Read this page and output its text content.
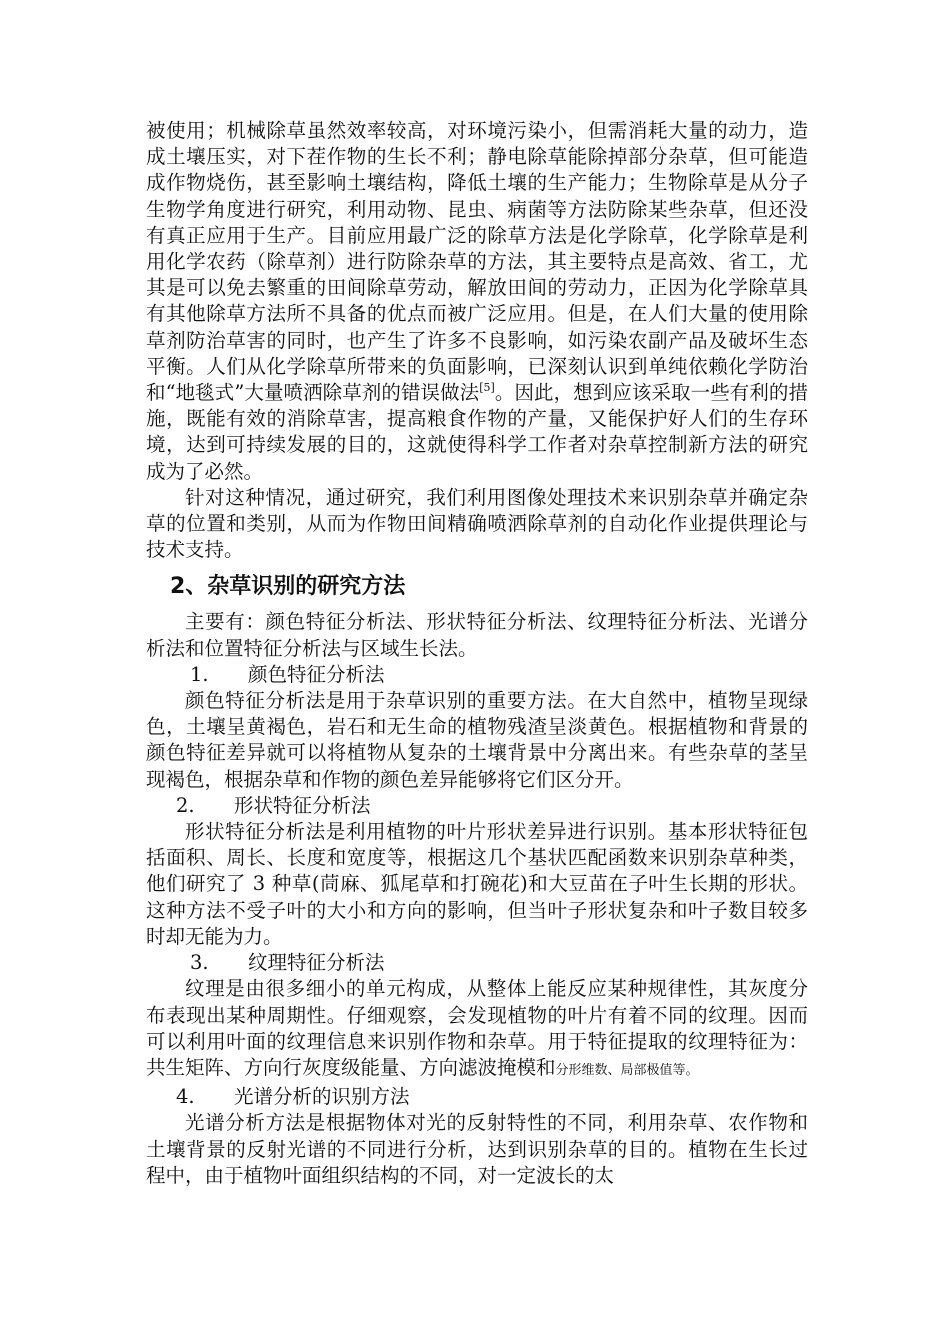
被使用；机械除草虽然效率较高，对环境污染小，但需消耗大量的动力，造成土壤压实，对下茬作物的生长不利；静电除草能除掉部分杂草，但可能造成作物烧伤，甚至影响土壤结构，降低土壤的生产能力；生物除草是从分子生物学角度进行研究，利用动物、昆虫、病菌等方法防除某些杂草，但还没有真正应用于生产。目前应用最广泛的除草方法是化学除草，化学除草是利用化学农药（除草剂）进行防除杂草的方法，其主要特点是高效、省工，尤其是可以免去繁重的田间除草劳动，解放田间的劳动力，正因为化学除草具有其他除草方法所不具备的优点而被广泛应用。但是，在人们大量的使用除草剂防治草害的同时，也产生了许多不良影响，如污染农副产品及破坏生态平衡。人们从化学除草所带来的负面影响，已深刻认识到单纯依赖化学防治和“地毯式”大量喷洒除草剂的错误做法[5]。因此，想到应该采取一些有利的措施，既能有效的消除草害，提高粮食作物的产量，又能保护好人们的生存环境，达到可持续发展的目的，这就使得科学工作者对杂草控制新方法的研究成为了必然。

针对这种情况，通过研究，我们利用图像处理技术来识别杂草并确定杂草的位置和类别，从而为作物田间精确喷洒除草剂的自动化作业提供理论与技术支持。

2、杂草识别的研究方法

主要有：颜色特征分析法、形状特征分析法、纹理特征分析法、光谱分析法和位置特征分析法与区域生长法。

1. 颜色特征分析法

颜色特征分析法是用于杂草识别的重要方法。在大自然中，植物呈现绿色，土壤呈黄褐色，岩石和无生命的植物残渣呈淡黄色。根据植物和背景的颜色特征差异就可以将植物从复杂的土壤背景中分离出来。有些杂草的茎呈现褐色，根据杂草和作物的颜色差异能够将它们区分开。

2. 形状特征分析法

形状特征分析法是利用植物的叶片形状差异进行识别。基本形状特征包括面积、周长、长度和宽度等，根据这几个基状匹配函数来识别杂草种类，他们研究了 3 种草(茼麻、狐尾草和打碗花)和大豆苗在子叶生长期的形状。这种方法不受子叶的大小和方向的影响，但当叶子形状复杂和叶子数目较多时却无能为力。

3. 纹理特征分析法

纹理是由很多细小的单元构成，从整体上能反应某种规律性，其灰度分布表现出某种周期性。仔细观察，会发现植物的叶片有着不同的纹理。因而可以利用叶面的纹理信息来识别作物和杂草。用于特征提取的纹理特征为：共生矩阵、方向行灰度级能量、方向滤波掩模和分形维数、局部极值等。

4. 光谱分析的识别方法

光谱分析方法是根据物体对光的反射特性的不同，利用杂草、农作物和土壤背景的反射光谱的不同进行分析，达到识别杂草的目的。植物在生长过程中，由于植物叶面组织结构的不同，对一定波长的太
